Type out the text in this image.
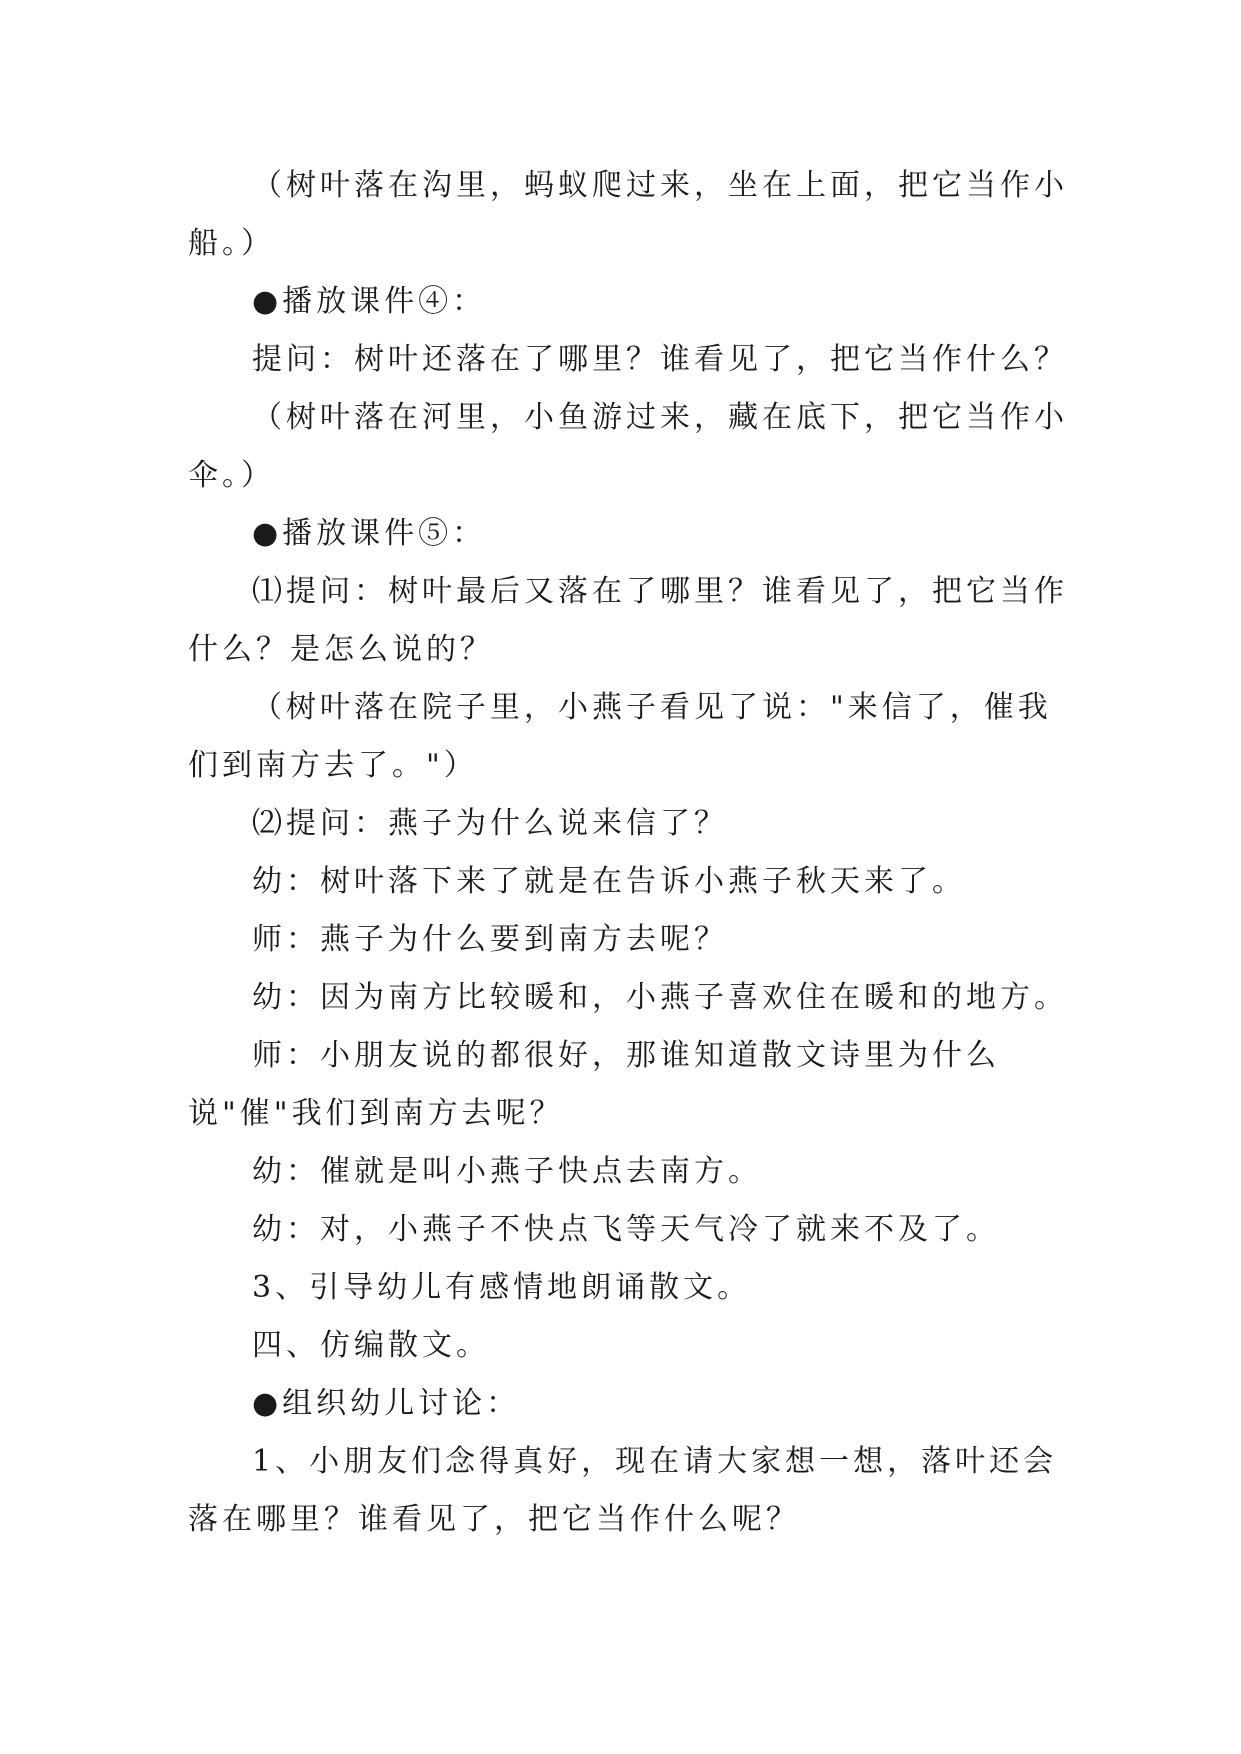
（树叶落在沟里，蚂蚁爬过来，坐在上面，把它当作小船。）

●播放课件④：

提问：树叶还落在了哪里？谁看见了，把它当作什么？

（树叶落在河里，小鱼游过来，藏在底下，把它当作小伞。）

●播放课件⑤：

⑴提问：树叶最后又落在了哪里？谁看见了，把它当作什么？是怎么说的？

（树叶落在院子里，小燕子看见了说："来信了，催我们到南方去了。"）

⑵提问：燕子为什么说来信了？

幼：树叶落下来了就是在告诉小燕子秋天来了。

师：燕子为什么要到南方去呢？

幼：因为南方比较暖和，小燕子喜欢住在暖和的地方。

师：小朋友说的都很好，那谁知道散文诗里为什么说"催"我们到南方去呢？

幼：催就是叫小燕子快点去南方。

幼：对，小燕子不快点飞等天气冷了就来不及了。

3、引导幼儿有感情地朗诵散文。

四、仿编散文。

●组织幼儿讨论：

1、小朋友们念得真好，现在请大家想一想，落叶还会落在哪里？谁看见了，把它当作什么呢？
